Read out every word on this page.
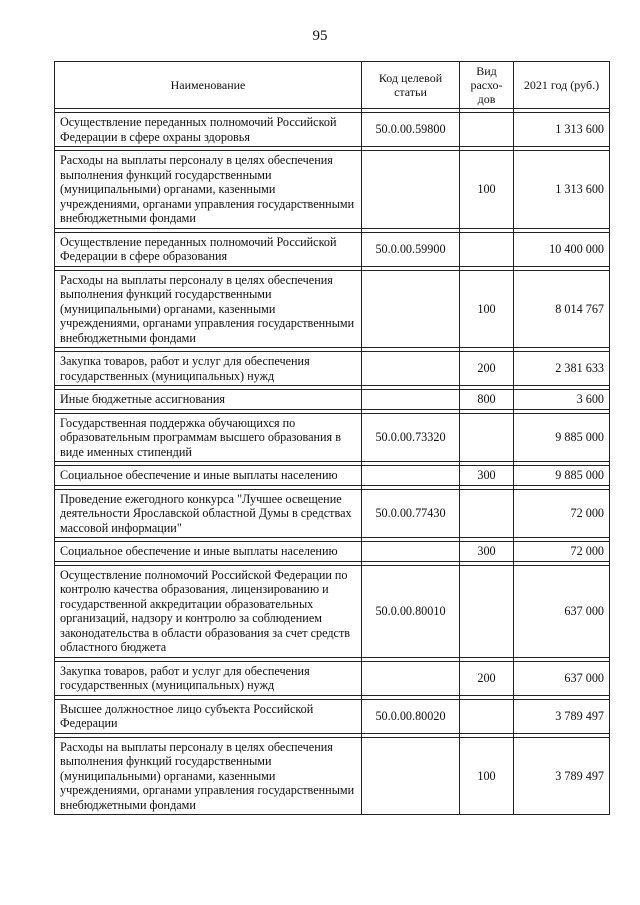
95
Наименование	Код целевой статьи	Вид расхо-дов	2021 год (руб.)

Осуществление переданных полномочий Российской Федерации в сфере охраны здоровья	50.0.00.59800		1 313 600

Расходы на выплаты персоналу в целях обеспечения выполнения функций государственными (муниципальными) органами, казенными учреждениями, органами управления государственными внебюджетными фондами		100	1 313 600

Осуществление переданных полномочий Российской Федерации в сфере образования	50.0.00.59900		10 400 000

Расходы на выплаты персоналу в целях обеспечения выполнения функций государственными (муниципальными) органами, казенными учреждениями, органами управления государственными внебюджетными фондами		100	8 014 767

Закупка товаров, работ и услуг для обеспечения государственных (муниципальных) нужд		200	2 381 633

Иные бюджетные ассигнования		800	3 600

Государственная поддержка обучающихся по образовательным программам высшего образования в виде именных стипендий	50.0.00.73320		9 885 000

Социальное обеспечение и иные выплаты населению		300	9 885 000

Проведение ежегодного конкурса "Лучшее освещение деятельности Ярославской областной Думы в средствах массовой информации"	50.0.00.77430		72 000

Социальное обеспечение и иные выплаты населению		300	72 000

Осуществление полномочий Российской Федерации по контролю качества образования, лицензированию и государственной аккредитации образовательных организаций, надзору и контролю за соблюдением законодательства в области образования за счет средств областного бюджета	50.0.00.80010		637 000

Закупка товаров, работ и услуг для обеспечения государственных (муниципальных) нужд		200	637 000

Высшее должностное лицо субъекта Российской Федерации	50.0.00.80020		3 789 497

Расходы на выплаты персоналу в целях обеспечения выполнения функций государственными (муниципальными) органами, казенными учреждениями, органами управления государственными внебюджетными фондами		100	3 789 497
